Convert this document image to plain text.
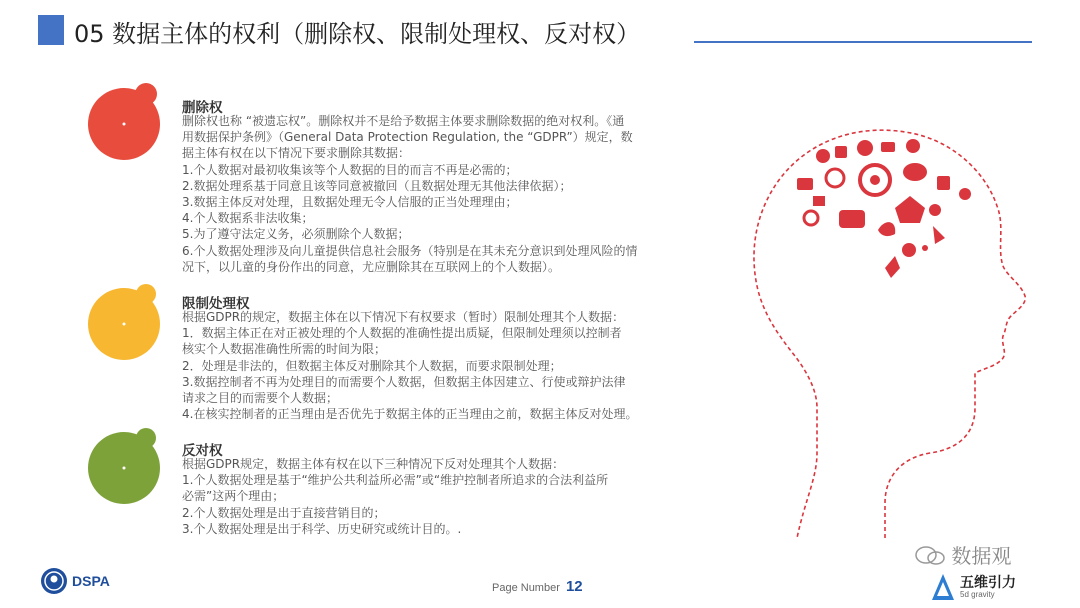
05 数据主体的权利（删除权、限制处理权、反对权）
删除权
删除权也称 “被遗忘权”。删除权并不是给予数据主体要求删除数据的绝对权利。《通
用数据保护条例》（General Data Protection Regulation, the “GDPR”）规定，数
据主体有权在以下情况下要求删除其数据：
1.个人数据对最初收集该等个人数据的目的而言不再是必需的；
2.数据处理系基于同意且该等同意被撤回（且数据处理无其他法律依据）；
3.数据主体反对处理，且数据处理无令人信服的正当处理理由；
4.个人数据系非法收集；
5.为了遵守法定义务，必须删除个人数据；
6.个人数据处理涉及向儿童提供信息社会服务（特别是在其未充分意识到处理风险的情
况下，以儿童的身份作出的同意，尤应删除其在互联网上的个人数据）。
限制处理权
根据GDPR的规定，数据主体在以下情况下有权要求（暂时）限制处理其个人数据：
1．数据主体正在对正被处理的个人数据的准确性提出质疑，但限制处理须以控制者
核实个人数据准确性所需的时间为限；
2．处理是非法的，但数据主体反对删除其个人数据，而要求限制处理；
3.数据控制者不再为处理目的而需要个人数据，但数据主体因建立、行使或辩护法律
请求之目的而需要个人数据；
4.在核实控制者的正当理由是否优先于数据主体的正当理由之前，数据主体反对处理。
反对权
根据GDPR规定，数据主体有权在以下三种情况下反对处理其个人数据：
1.个人数据处理是基于“维护公共利益所必需”或“维护控制者所追求的合法利益所
必需”这两个理由；
2.个人数据处理是出于直接营销目的；
3.个人数据处理是出于科学、历史研究或统计目的。.
DSPA	Page Number 12
数据观
五维引力
5d gravity
